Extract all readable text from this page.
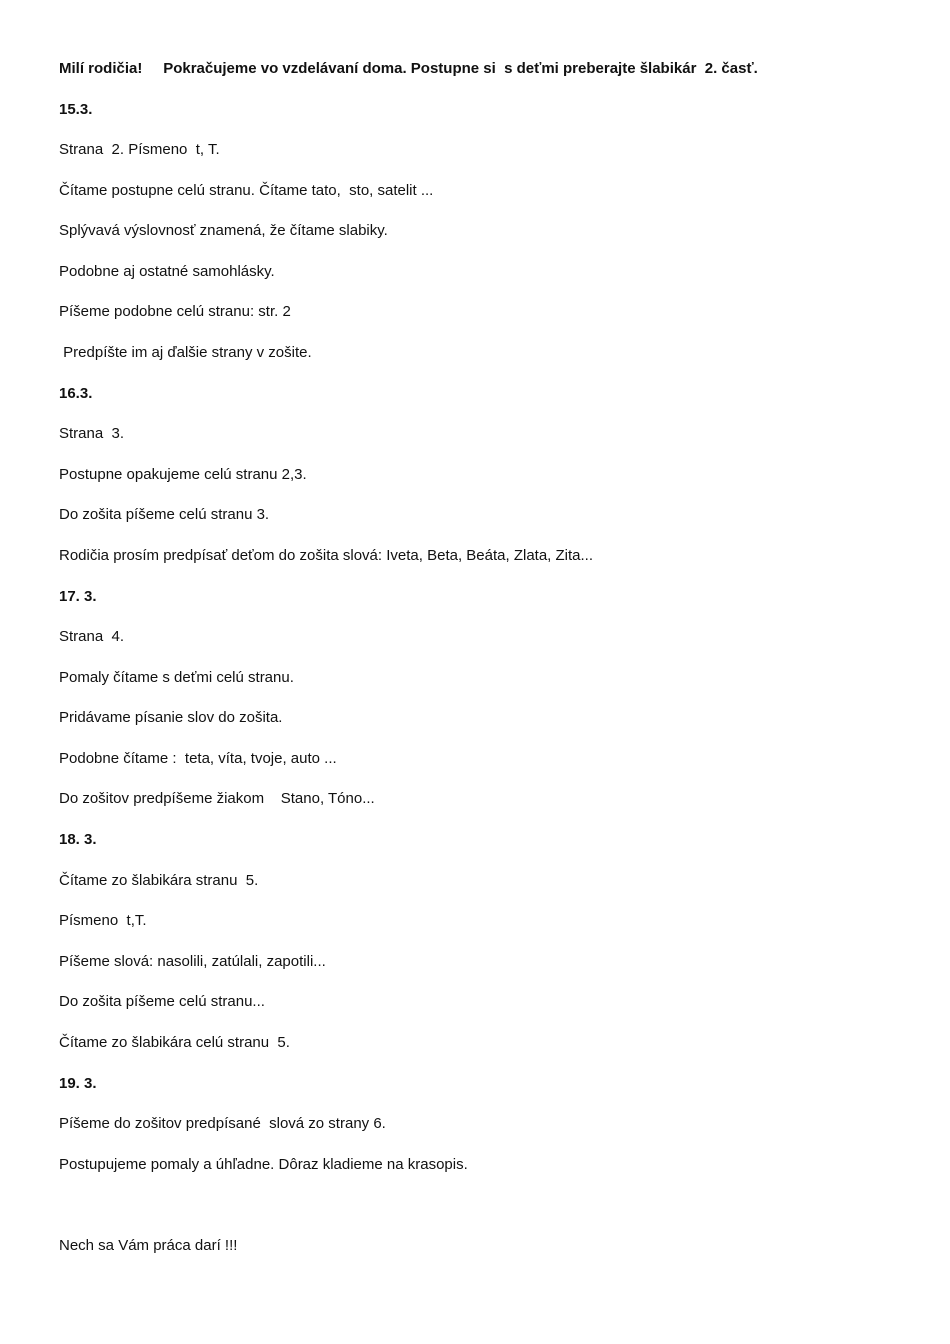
Milí rodičia! Pokračujeme vo vzdelávaní doma. Postupne si  s deťmi preberajte šlabikár  2. časť.
15.3.
Strana  2. Písmeno  t, T.
Čítame postupne celú stranu. Čítame tato,  sto, satelit ...
Splývavá výslovnosť znamená, že čítame slabiky.
Podobne aj ostatné samohlásky.
Píšeme podobne celú stranu: str. 2
Predpíšte im aj ďalšie strany v zošite.
16.3.
Strana  3.
Postupne opakujeme celú stranu 2,3.
Do zošita píšeme celú stranu 3.
Rodičia prosím predpísať deťom do zošita slová: Iveta, Beta, Beáta, Zlata, Zita...
17. 3.
Strana  4.
Pomaly čítame s deťmi celú stranu.
Pridávame písanie slov do zošita.
Podobne čítame :  teta, víta, tvoje, auto ...
Do zošitov predpíšeme žiakom    Stano, Tóno...
18. 3.
Čítame zo šlabikára stranu  5.
Písmeno  t,T.
Píšeme slová: nasolili, zatúlali, zapotili...
Do zošita píšeme celú stranu...
Čítame zo šlabikára celú stranu  5.
19. 3.
Píšeme do zošitov predpísané  slová zo strany 6.
Postupujeme pomaly a úhľadne. Dôraz kladieme na krasopis.
Nech sa Vám práca darí !!!
